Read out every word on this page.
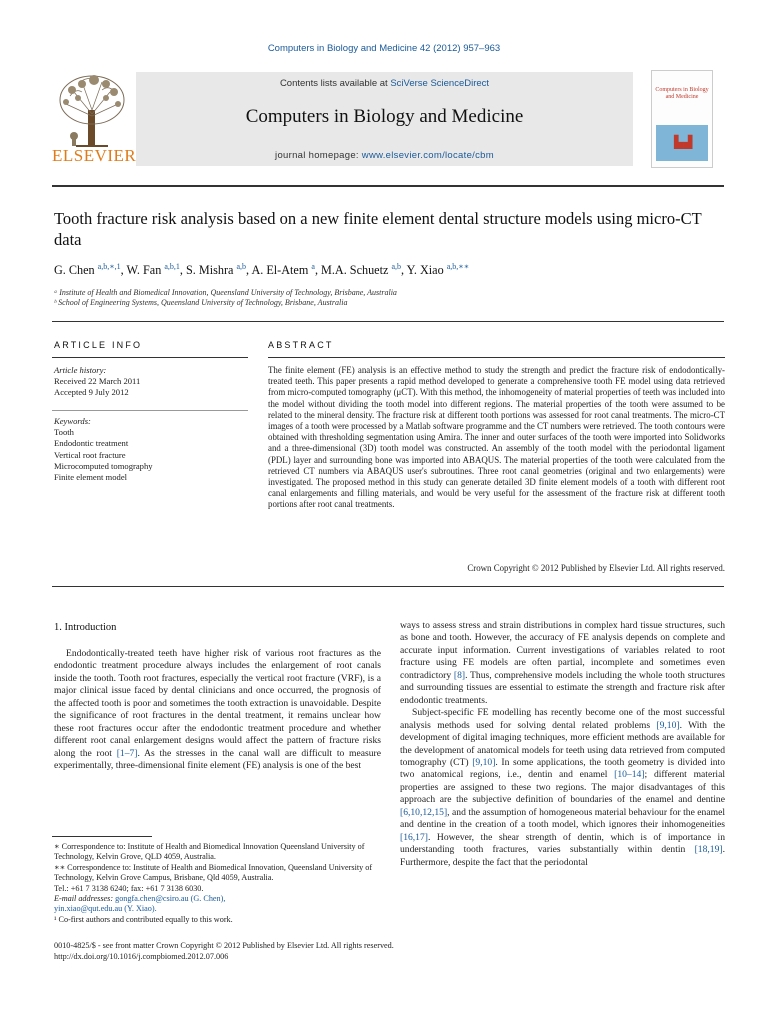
Computers in Biology and Medicine 42 (2012) 957–963
ELSEVIER
Contents lists available at SciVerse ScienceDirect
Computers in Biology and Medicine
journal homepage: www.elsevier.com/locate/cbm
Computers in Biology and Medicine
▙▟
Tooth fracture risk analysis based on a new finite element dental structure models using micro-CT data
G. Chen $^{a,b,∗,1}$, W. Fan $^{a,b,1}$, S. Mishra $^{a,b}$, A. El-Atem $^a$, M.A. Schuetz $^{a,b}$, Y. Xiao $^{a,b,∗∗}$
ᵃ Institute of Health and Biomedical Innovation, Queensland University of Technology, Brisbane, Australia
ᵇ School of Engineering Systems, Queensland University of Technology, Brisbane, Australia
ARTICLE INFO
Article history:
Received 22 March 2011
Accepted 9 July 2012
Keywords:
Tooth
Endodontic treatment
Vertical root fracture
Microcomputed tomography
Finite element model
ABSTRACT
The finite element (FE) analysis is an effective method to study the strength and predict the fracture risk of endodontically-treated teeth. This paper presents a rapid method developed to generate a comprehensive tooth FE model using data retrieved from micro-computed tomography (μCT). With this method, the inhomogeneity of material properties of teeth was included into the model without dividing the tooth model into different regions. The material properties of the tooth were assumed to be related to the mineral density. The fracture risk at different tooth portions was assessed for root canal treatments. The micro-CT images of a tooth were processed by a Matlab software programme and the CT numbers were retrieved. The tooth contours were obtained with thresholding segmentation using Amira. The inner and outer surfaces of the tooth were imported into Solidworks and a three-dimensional (3D) tooth model was constructed. An assembly of the tooth model with the periodontal ligament (PDL) layer and surrounding bone was imported into ABAQUS. The material properties of the tooth were calculated from the retrieved CT numbers via ABAQUS user's subroutines. Three root canal geometries (original and two enlargements) were investigated. The proposed method in this study can generate detailed 3D finite element models of a tooth with different root canal enlargements and filling materials, and would be very useful for the assessment of the fracture risk at different tooth portions after root canal treatments.
Crown Copyright © 2012 Published by Elsevier Ltd. All rights reserved.
1. Introduction

Endodontically-treated teeth have higher risk of various root fractures as the endodontic treatment procedure always includes the enlargement of root canals inside the tooth. Tooth root fractures, especially the vertical root fracture (VRF), is a major clinical issue faced by dental clinicians and once occurred, the prognosis of the affected tooth is poor and sometimes the tooth extraction is unavoidable. Despite the significance of root fractures in the dental treatment, it remains unclear how these root fractures occur after the endodontic treatment procedure and whether different root canal enlargement designs would affect the pattern of fracture risks along the root [1–7]. As the stresses in the canal wall are difficult to measure experimentally, three-dimensional finite element (FE) analysis is one of the best

ways to assess stress and strain distributions in complex hard tissue structures, such as bone and tooth. However, the accuracy of FE analysis depends on complete and accurate input information. Current investigations of variables related to root fracture using FE models are often partial, incomplete and sometimes even contradictory [8]. Thus, comprehensive models including the whole tooth structures and surrounding tissues are essential to estimate the strength and fracture risk after endodontic treatments.

Subject-specific FE modelling has recently become one of the most successful analysis methods used for solving dental related problems [9,10]. With the development of digital imaging techniques, more efficient methods are available for the development of anatomical models for teeth using data retrieved from computed tomography (CT) [9,10]. In some applications, the tooth geometry is divided into two anatomical regions, i.e., dentin and enamel [10–14]; different material properties are assigned to these two regions. The major disadvantages of this approach are the subjective definition of boundaries of the enamel and dentine [6,10,12,15], and the assumption of homogeneous material behaviour for the enamel and dentine in the creation of a tooth model, which ignores their inhomogeneities [16,17]. However, the shear strength of dentin, which is of importance in understanding tooth fractures, varies substantially within dentin [18,19]. Furthermore, despite the fact that the periodontal

∗ Correspondence to: Institute of Health and Biomedical Innovation Queensland University of Technology, Kelvin Grove, QLD 4059, Australia.
∗∗ Correspondence to: Institute of Health and Biomedical Innovation, Queensland University of Technology, Kelvin Grove Campus, Brisbane, Qld 4059, Australia.
Tel.: +61 7 3138 6240; fax: +61 7 3138 6030.
E-mail addresses: gongfa.chen@csiro.au (G. Chen),
yin.xiao@qut.edu.au (Y. Xiao).
¹ Co-first authors and contributed equally to this work.
0010-4825/$ - see front matter Crown Copyright © 2012 Published by Elsevier Ltd. All rights reserved.
http://dx.doi.org/10.1016/j.compbiomed.2012.07.006
